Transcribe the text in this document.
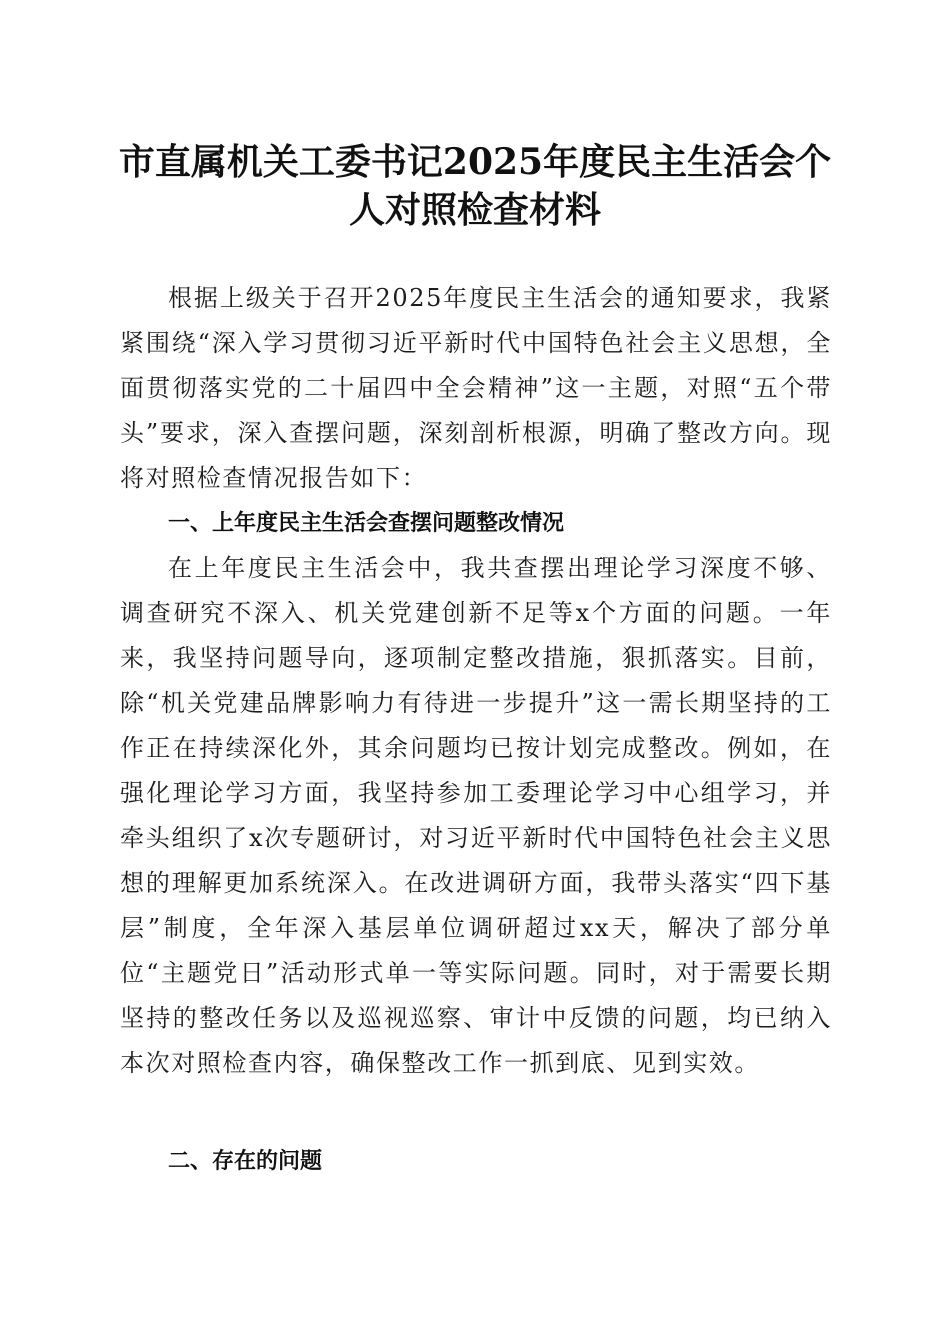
市直属机关工委书记2025年度民主生活会个
人对照检查材料

根据上级关于召开2025年度民主生活会的通知要求，我紧紧围绕“深入学习贯彻习近平新时代中国特色社会主义思想，全面贯彻落实党的二十届四中全会精神”这一主题，对照“五个带头”要求，深入查摆问题，深刻剖析根源，明确了整改方向。现将对照检查情况报告如下：

一、上年度民主生活会查摆问题整改情况

在上年度民主生活会中，我共查摆出理论学习深度不够、调查研究不深入、机关党建创新不足等x个方面的问题。一年来，我坚持问题导向，逐项制定整改措施，狠抓落实。目前，除“机关党建品牌影响力有待进一步提升”这一需长期坚持的工作正在持续深化外，其余问题均已按计划完成整改。例如，在强化理论学习方面，我坚持参加工委理论学习中心组学习，并牵头组织了x次专题研讨，对习近平新时代中国特色社会主义思想的理解更加系统深入。在改进调研方面，我带头落实“四下基层”制度，全年深入基层单位调研超过xx天，解决了部分单位“主题党日”活动形式单一等实际问题。同时，对于需要长期坚持的整改任务以及巡视巡察、审计中反馈的问题，均已纳入本次对照检查内容，确保整改工作一抓到底、见到实效。

二、存在的问题
